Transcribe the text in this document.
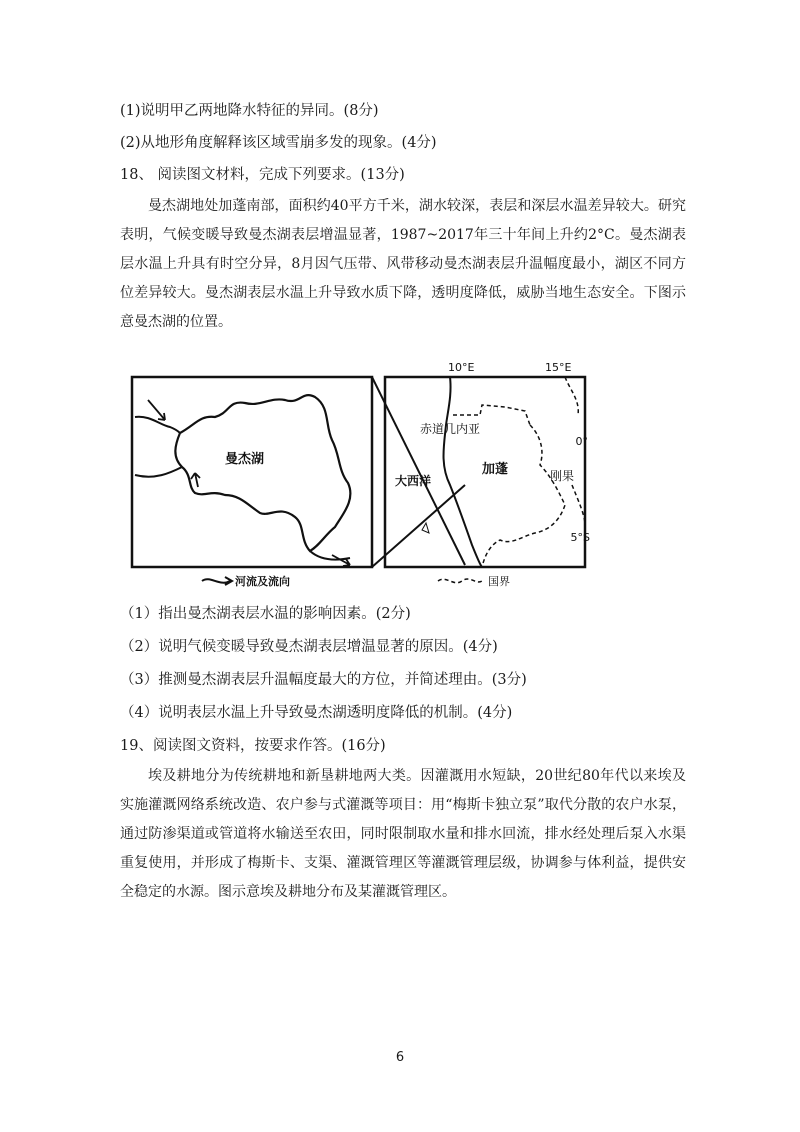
(1)说明甲乙两地降水特征的异同。(8分)
(2)从地形角度解释该区域雪崩多发的现象。(4分)
18、 阅读图文材料，完成下列要求。(13分)
曼杰湖地处加蓬南部，面积约40平方千米，湖水较深，表层和深层水温差异较大。研究表明，气候变暖导致曼杰湖表层增温显著，1987~2017年三十年间上升约2°C。曼杰湖表层水温上升具有时空分异，8月因气压带、风带移动曼杰湖表层升温幅度最小，湖区不同方位差异较大。曼杰湖表层水温上升导致水质下降，透明度降低，威胁当地生态安全。下图示意曼杰湖的位置。
曼杰湖
赤道几内亚
加蓬	刚果
大西洋
10°E	15°E
0°
5°S
河流及流向	国界
（1）指出曼杰湖表层水温的影响因素。(2分)
（2）说明气候变暖导致曼杰湖表层增温显著的原因。(4分)
（3）推测曼杰湖表层升温幅度最大的方位，并简述理由。(3分)
（4）说明表层水温上升导致曼杰湖透明度降低的机制。(4分)
19、阅读图文资料，按要求作答。(16分)
埃及耕地分为传统耕地和新垦耕地两大类。因灌溉用水短缺，20世纪80年代以来埃及实施灌溉网络系统改造、农户参与式灌溉等项目：用“梅斯卡独立泵”取代分散的农户水泵，通过防渗渠道或管道将水输送至农田，同时限制取水量和排水回流，排水经处理后泵入水渠重复使用，并形成了梅斯卡、支渠、灌溉管理区等灌溉管理层级，协调参与体利益，提供安全稳定的水源。图示意埃及耕地分布及某灌溉管理区。
6
